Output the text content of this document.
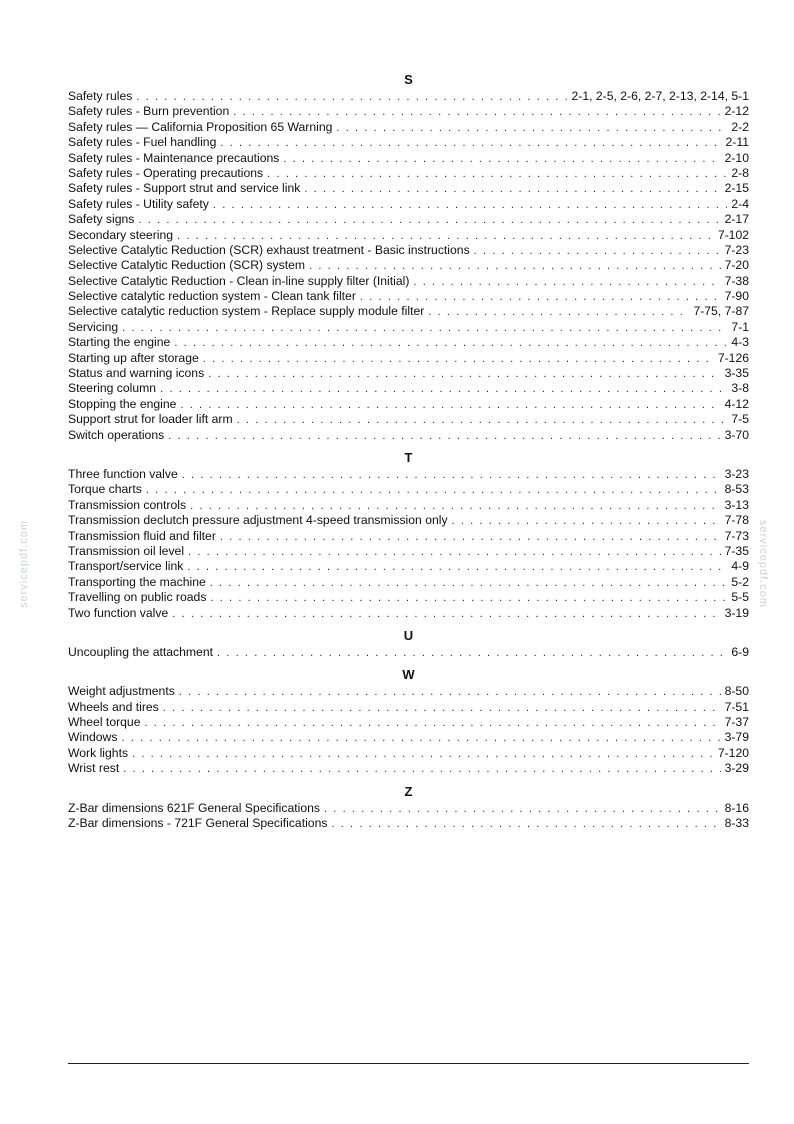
servicepdf.com	servicepdf.com
S
Safety rules . . .	2-1, 2-5, 2-6, 2-7, 2-13, 2-14, 5-1
Safety rules - Burn prevention . . .	2-12
Safety rules — California Proposition 65 Warning . . .	2-2
Safety rules - Fuel handling . . .	2-11
Safety rules - Maintenance precautions . . .	2-10
Safety rules - Operating precautions . . .	2-8
Safety rules - Support strut and service link . . .	2-15
Safety rules - Utility safety . . .	2-4
Safety signs . . .	2-17
Secondary steering . . .	7-102
Selective Catalytic Reduction (SCR) exhaust treatment - Basic instructions . . .	7-23
Selective Catalytic Reduction (SCR) system . . .	7-20
Selective Catalytic Reduction - Clean in-line supply filter (Initial) . . .	7-38
Selective catalytic reduction system - Clean tank filter . . .	7-90
Selective catalytic reduction system - Replace supply module filter . . .	7-75, 7-87
Servicing . . .	7-1
Starting the engine . . .	4-3
Starting up after storage . . .	7-126
Status and warning icons . . .	3-35
Steering column . . .	3-8
Stopping the engine . . .	4-12
Support strut for loader lift arm . . .	7-5
Switch operations . . .	3-70
T
Three function valve . . .	3-23
Torque charts . . .	8-53
Transmission controls . . .	3-13
Transmission declutch pressure adjustment 4-speed transmission only . . .	7-78
Transmission fluid and filter . . .	7-73
Transmission oil level . . .	7-35
Transport/service link . . .	4-9
Transporting the machine . . .	5-2
Travelling on public roads . . .	5-5
Two function valve . . .	3-19
U
Uncoupling the attachment . . .	6-9
W
Weight adjustments . . .	8-50
Wheels and tires . . .	7-51
Wheel torque . . .	7-37
Windows . . .	3-79
Work lights . . .	7-120
Wrist rest . . .	3-29
Z
Z-Bar dimensions 621F General Specifications . . .	8-16
Z-Bar dimensions - 721F General Specifications . . .	8-33
